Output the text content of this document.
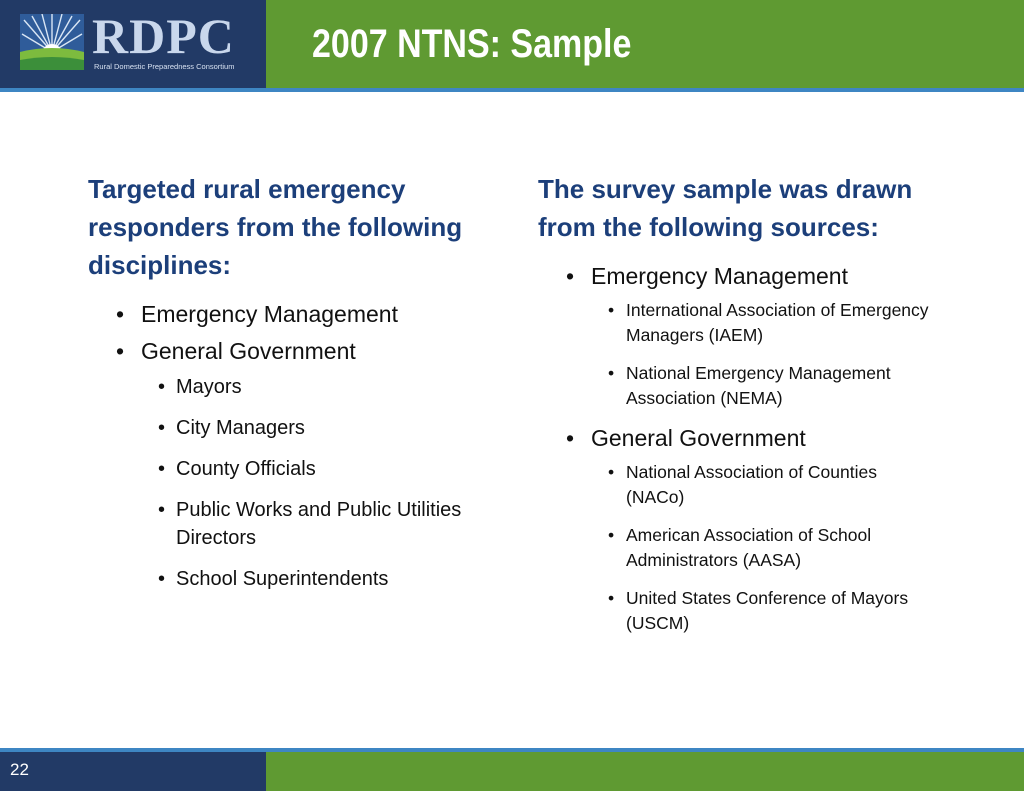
RDPC
Rural Domestic Preparedness Consortium
2007 NTNS: Sample
Targeted rural emergency responders from the following disciplines:
• Emergency Management
• General Government
• Mayors
• City Managers
• County Officials
• Public Works and Public Utilities Directors
• School Superintendents
The survey sample was drawn from the following sources:
• Emergency Management
• International Association of Emergency Managers (IAEM)
• National Emergency Management Association (NEMA)
• General Government
• National Association of Counties (NACo)
• American Association of School Administrators (AASA)
• United States Conference of Mayors (USCM)
22
